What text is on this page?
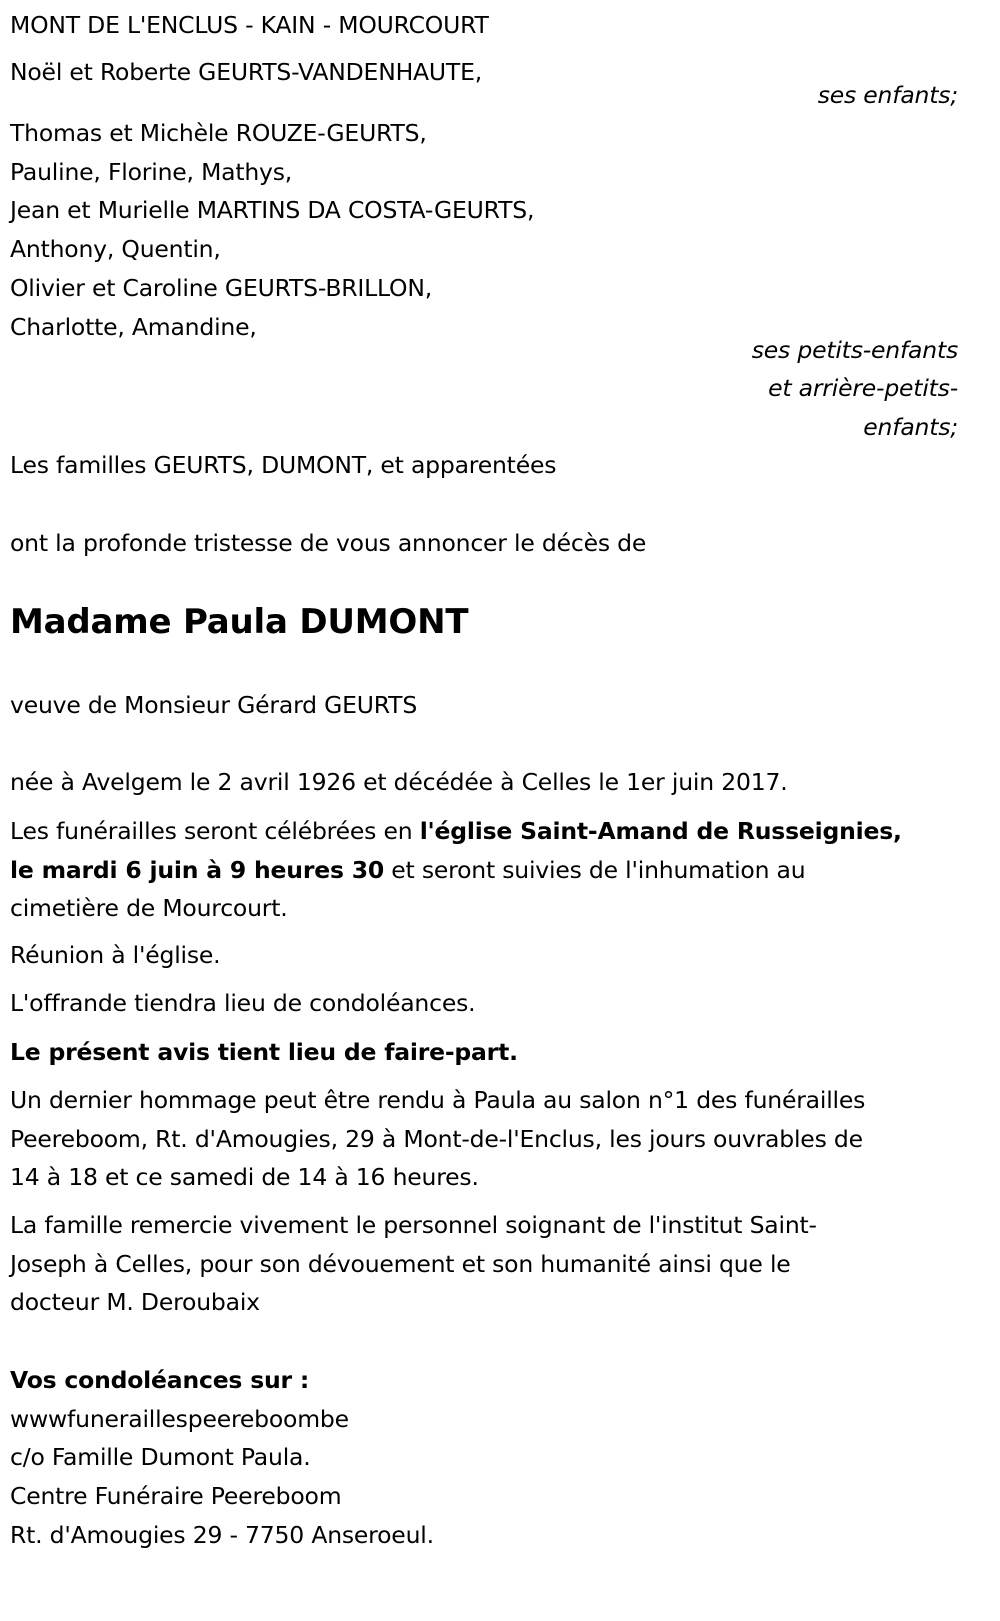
MONT DE L'ENCLUS - KAIN - MOURCOURT
Noël et Roberte GEURTS-VANDENHAUTE,
ses enfants;
Thomas et Michèle ROUZE-GEURTS,
Pauline, Florine, Mathys,
Jean et Murielle MARTINS DA COSTA-GEURTS,
Anthony, Quentin,
Olivier et Caroline GEURTS-BRILLON,
Charlotte, Amandine,
ses petits-enfants
et arrière-petits-
enfants;
Les familles GEURTS, DUMONT, et apparentées
ont la profonde tristesse de vous annoncer le décès de
Madame Paula DUMONT
veuve de Monsieur Gérard GEURTS
née à Avelgem le 2 avril 1926 et décédée à Celles le 1er juin 2017.
Les funérailles seront célébrées en l'église Saint-Amand de Russeignies,
le mardi 6 juin à 9 heures 30 et seront suivies de l'inhumation au
cimetière de Mourcourt.
Réunion à l'église.
L'offrande tiendra lieu de condoléances.
Le présent avis tient lieu de faire-part.
Un dernier hommage peut être rendu à Paula au salon n°1 des funérailles
Peereboom, Rt. d'Amougies, 29 à Mont-de-l'Enclus, les jours ouvrables de
14 à 18 et ce samedi de 14 à 16 heures.
La famille remercie vivement le personnel soignant de l'institut Saint-
Joseph à Celles, pour son dévouement et son humanité ainsi que le
docteur M. Deroubaix
Vos condoléances sur :
wwwfuneraillespeereboombe
c/o Famille Dumont Paula.
Centre Funéraire Peereboom
Rt. d'Amougies 29 - 7750 Anseroeul.
